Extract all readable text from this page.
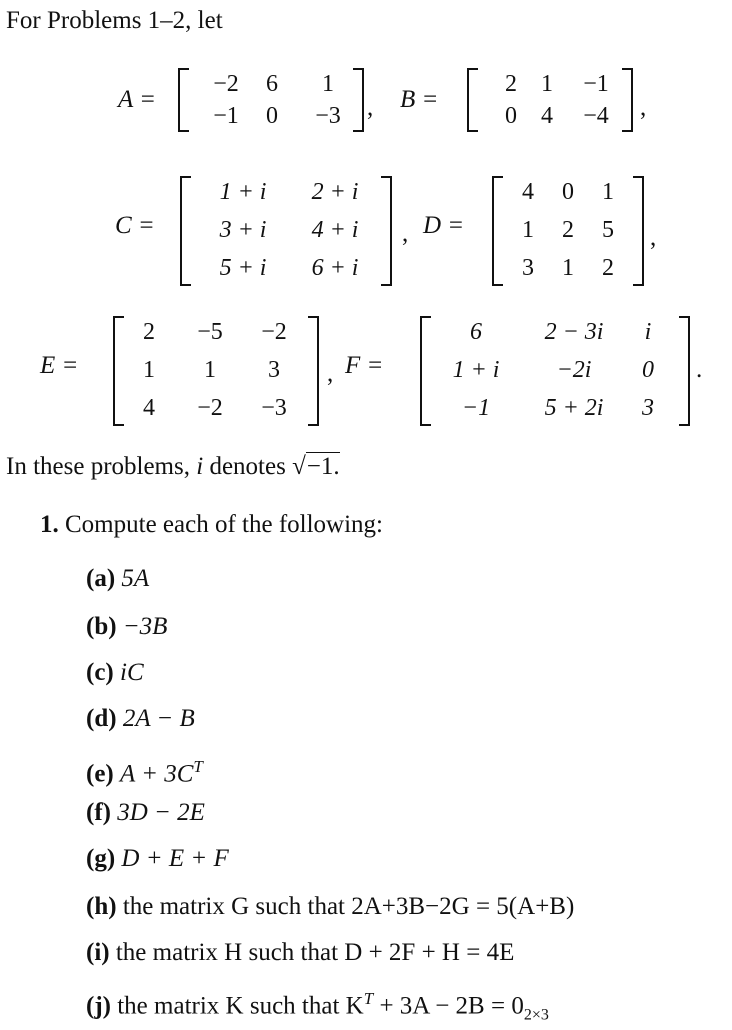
For Problems 1–2, let
A =
−2	6	1
−1	0	−3	, B =
2	1	−1
0	4	−4	,
C =
1 + i	2 + i
3 + i	4 + i
5 + i	6 + i
, D =
4	0	1
1	2	5
3	1	2
,
E =
2	−5	−2
1	1	3
4	−2	−3
, F =
6	2 − 3i	i
1 + i	−2i	0
−1	5 + 2i	3
.
In these problems, i denotes √−1.
1. Compute each of the following:
(a) 5A
(b) −3B
(c) iC
(d) 2A − B
(e) $A + 3C^T$
(f) 3D − 2E
(g) D + E + F
(h) the matrix G such that 2A+3B−2G = 5(A+B)
(i) the matrix H such that D + 2F + H = 4E
(j) the matrix K such that $K^T + 3A - 2B = 0_{2\times 3}$
